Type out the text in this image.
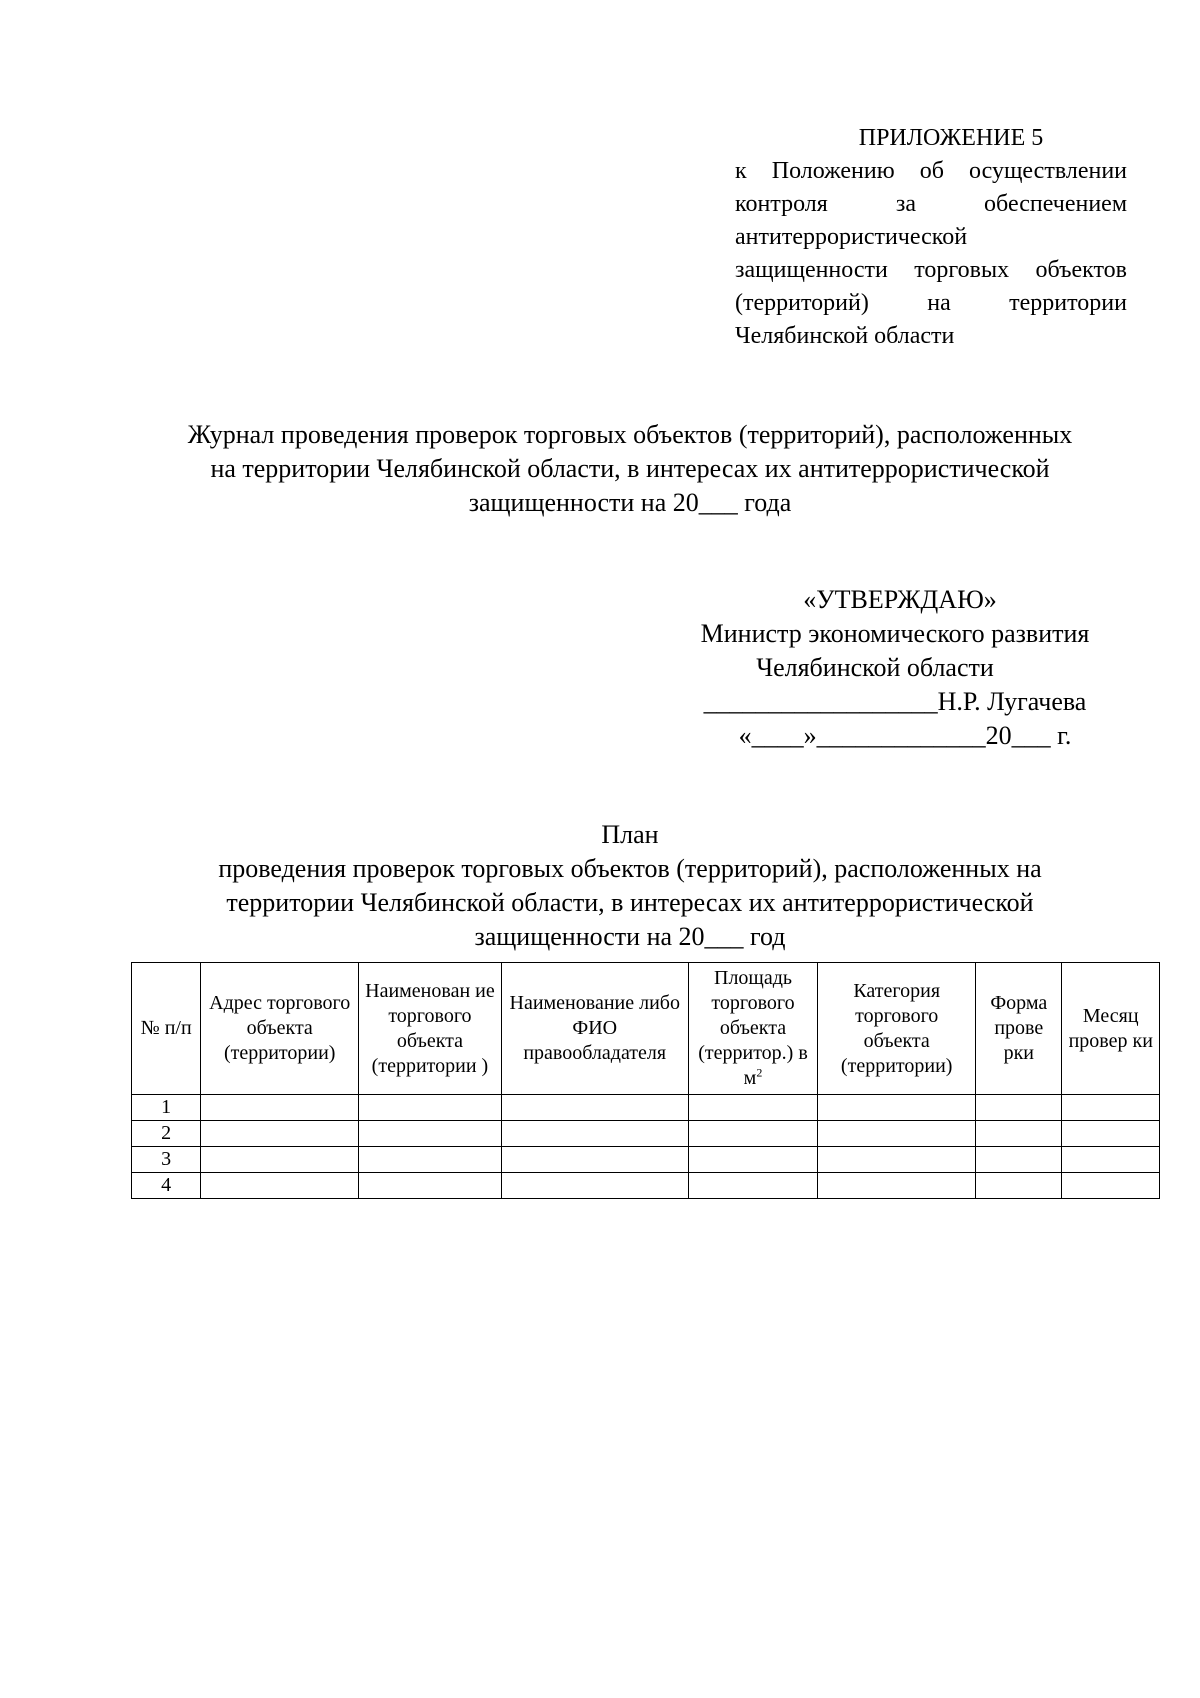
ПРИЛОЖЕНИЕ 5
к Положению об осуществлении
контроля за обеспечением
антитеррористической
защищенности торговых объектов
(территорий) на территории
Челябинской области
Журнал проведения проверок торговых объектов (территорий), расположенных
на территории Челябинской области, в интересах их антитеррористической
защищенности на 20___ года
«УТВЕРЖДАЮ»
Министр экономического развития
Челябинской области
__________________Н.Р. Лугачева
«____»_____________20___ г.
План
проведения проверок торговых объектов (территорий), расположенных на
территории Челябинской области, в интересах их антитеррористической
защищенности на 20___ год
№ п/п	Адрес торгового объекта (территории)	Наименован ие торгового объекта (территории )	Наименование либо ФИО правообладателя	Площадь торгового объекта (территор.) в $м^2$	Категория торгового объекта (территории)	Форма прове рки	Месяц провер ки
1							
2							
3							
4							
